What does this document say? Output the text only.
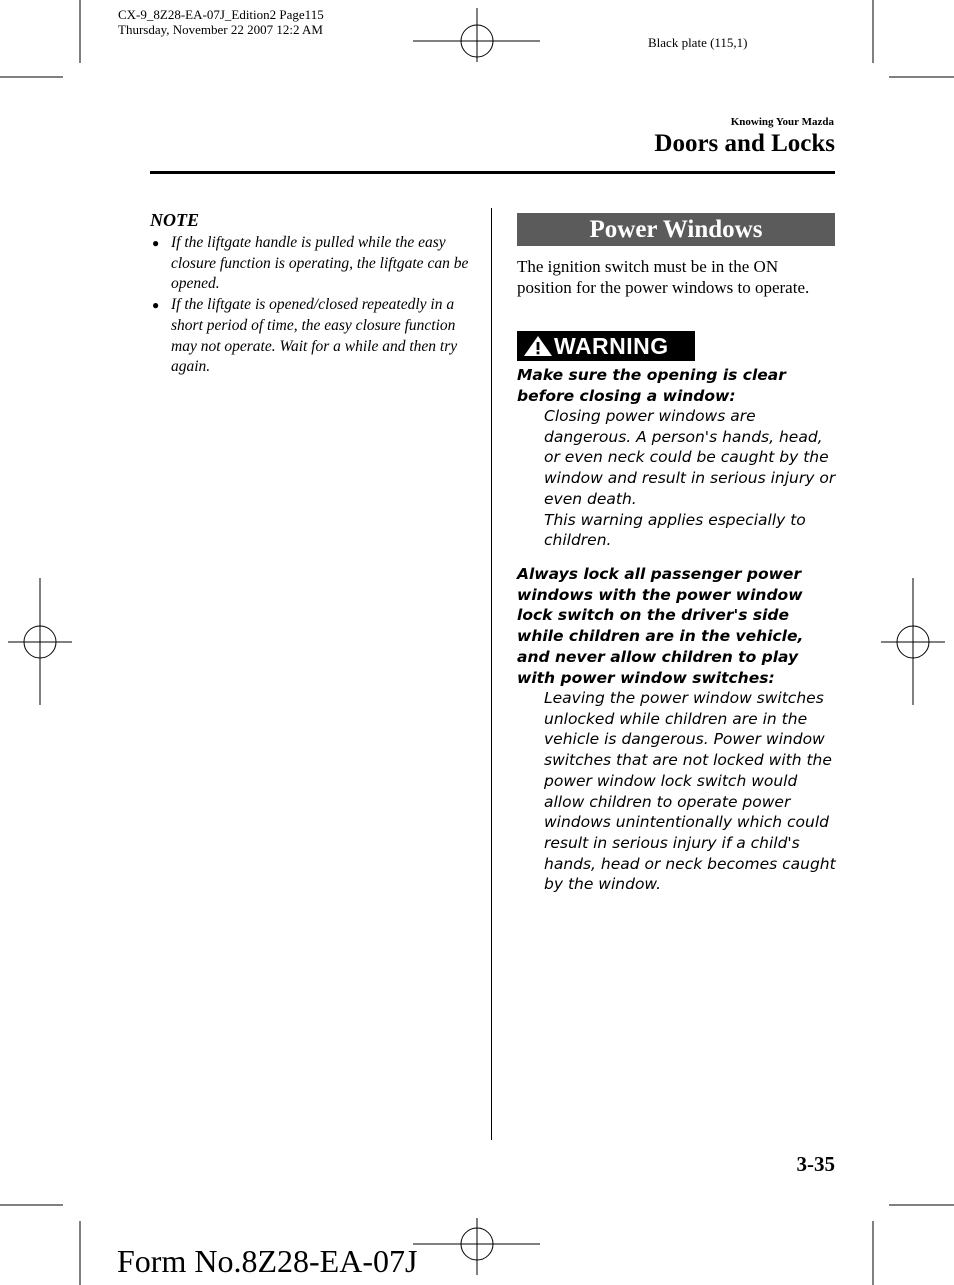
CX-9_8Z28-EA-07J_Edition2 Page115
Thursday, November 22 2007 12:2 AM
Black plate (115,1)
Knowing Your Mazda
Doors and Locks
NOTE
● If the liftgate handle is pulled while the easy closure function is operating, the liftgate can be opened.
● If the liftgate is opened/closed repeatedly in a short period of time, the easy closure function may not operate. Wait for a while and then try again.
Power Windows
The ignition switch must be in the ON position for the power windows to operate.
WARNING
Make sure the opening is clear before closing a window:

Closing power windows are dangerous. A person's hands, head, or even neck could be caught by the window and result in serious injury or even death.

This warning applies especially to children.

Always lock all passenger power windows with the power window lock switch on the driver's side while children are in the vehicle, and never allow children to play with power window switches:

Leaving the power window switches unlocked while children are in the vehicle is dangerous. Power window switches that are not locked with the power window lock switch would allow children to operate power windows unintentionally which could result in serious injury if a child's hands, head or neck becomes caught by the window.

3-35
Form No.8Z28-EA-07J
